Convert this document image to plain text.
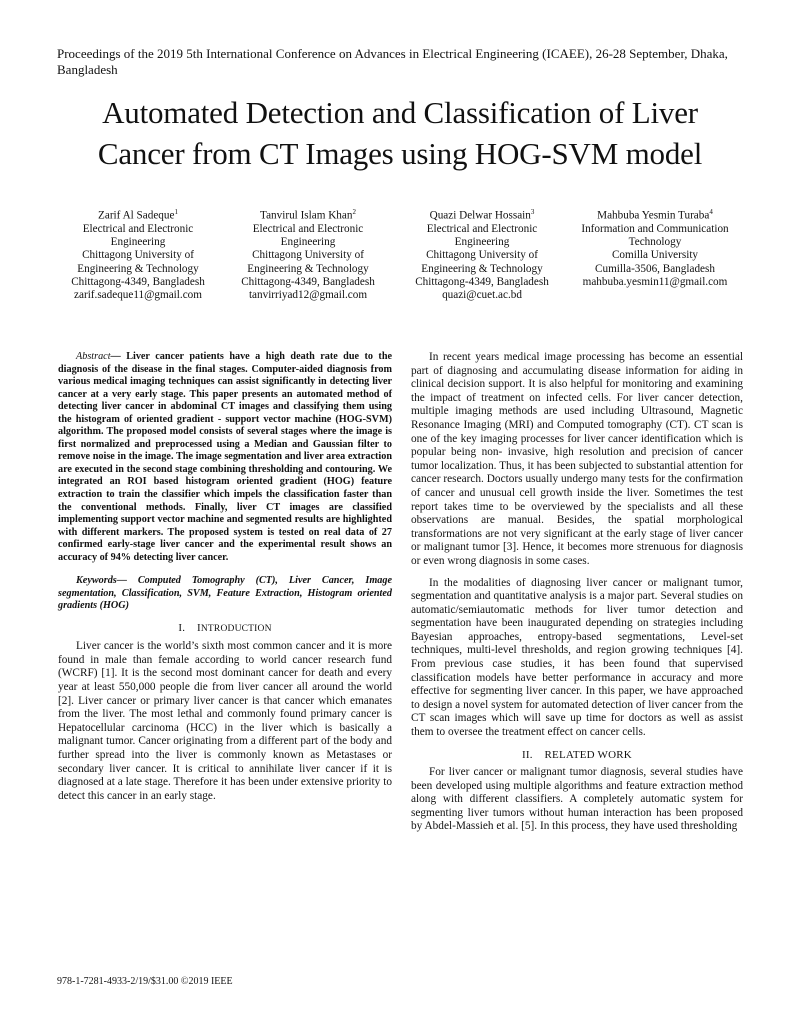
Proceedings of the 2019 5th International Conference on Advances in Electrical Engineering (ICAEE), 26-28 September, Dhaka, Bangladesh
Automated Detection and Classification of Liver
Cancer from CT Images using HOG-SVM model
Zarif Al Sadeque$^1$
Electrical and Electronic
Engineering
Chittagong University of
Engineering & Technology
Chittagong-4349, Bangladesh
zarif.sadeque11@gmail.com
Tanvirul Islam Khan$^2$
Electrical and Electronic
Engineering
Chittagong University of
Engineering & Technology
Chittagong-4349, Bangladesh
tanvirriyad12@gmail.com
Quazi Delwar Hossain$^3$
Electrical and Electronic
Engineering
Chittagong University of
Engineering & Technology
Chittagong-4349, Bangladesh
quazi@cuet.ac.bd
Mahbuba Yesmin Turaba$^4$
Information and Communication
Technology
Comilla University
Cumilla-3506, Bangladesh
mahbuba.yesmin11@gmail.com

Abstract— Liver cancer patients have a high death rate due to the diagnosis of the disease in the final stages. Computer-aided diagnosis from various medical imaging techniques can assist significantly in detecting liver cancer at a very early stage. This paper presents an automated method of detecting liver cancer in abdominal CT images and classifying them using the histogram of oriented gradient - support vector machine (HOG-SVM) algorithm. The proposed model consists of several stages where the image is first normalized and preprocessed using a Median and Gaussian filter to remove noise in the image. The image segmentation and liver area extraction are executed in the second stage combining thresholding and contouring. We integrated an ROI based histogram oriented gradient (HOG) feature extraction to train the classifier which impels the classification faster than the conventional methods. Finally, liver CT images are classified implementing support vector machine and segmented results are highlighted with different markers. The proposed system is tested on real data of 27 confirmed early-stage liver cancer and the experimental result shows an accuracy of 94% detecting liver cancer.

Keywords— Computed Tomography (CT), Liver Cancer, Image segmentation, Classification, SVM, Feature Extraction, Histogram oriented gradients (HOG)

I. INTRODUCTION

Liver cancer is the world’s sixth most common cancer and it is more found in male than female according to world cancer research fund (WCRF) [1]. It is the second most dominant cancer for death and every year at least 550,000 people die from liver cancer all around the world [2]. Liver cancer or primary liver cancer is that cancer which emanates from the liver. The most lethal and commonly found primary cancer is Hepatocellular carcinoma (HCC) in the liver which is basically a malignant tumor. Cancer originating from a different part of the body and further spread into the liver is commonly known as Metastases or secondary liver cancer. It is critical to annihilate liver cancer if it is diagnosed at a late stage. Therefore it has been under extensive priority to detect this cancer in an early stage.

In recent years medical image processing has become an essential part of diagnosing and accumulating disease information for aiding in clinical decision support. It is also helpful for monitoring and examining the impact of treatment on infected cells. For liver cancer detection, multiple imaging methods are used including Ultrasound, Magnetic Resonance Imaging (MRI) and Computed tomography (CT). CT scan is one of the key imaging processes for liver cancer identification which is popular being non- invasive, high resolution and precision of cancer tumor localization. Thus, it has been subjected to substantial attention for cancer research. Doctors usually undergo many tests for the confirmation of cancer and unusual cell growth inside the liver. Sometimes the test report takes time to be overviewed by the specialists and all these observations are manual. Besides, the spatial morphological transformations are not very significant at the early stage of liver cancer or malignant tumor [3]. Hence, it becomes more strenuous for diagnosis or even wrong diagnosis in some cases.

In the modalities of diagnosing liver cancer or malignant tumor, segmentation and quantitative analysis is a major part. Several studies on automatic/semiautomatic methods for liver tumor detection and segmentation have been inaugurated depending on strategies including Bayesian approaches, entropy-based segmentations, Level-set techniques, multi-level thresholds, and region growing techniques [4]. From previous case studies, it has been found that supervised classification models have better performance in accuracy and more effective for segmenting liver cancer. In this paper, we have approached to design a novel system for automated detection of liver cancer from the CT scan images which will save up time for doctors as well as assist them to oversee the treatment effect on cancer cells.

II. RELATED WORK

For liver cancer or malignant tumor diagnosis, several studies have been developed using multiple algorithms and feature extraction method along with different classifiers. A completely automatic system for segmenting liver tumors without human interaction has been proposed by Abdel-Massieh et al. [5]. In this process, they have used thresholding

978-1-7281-4933-2/19/$31.00 ©2019 IEEE
